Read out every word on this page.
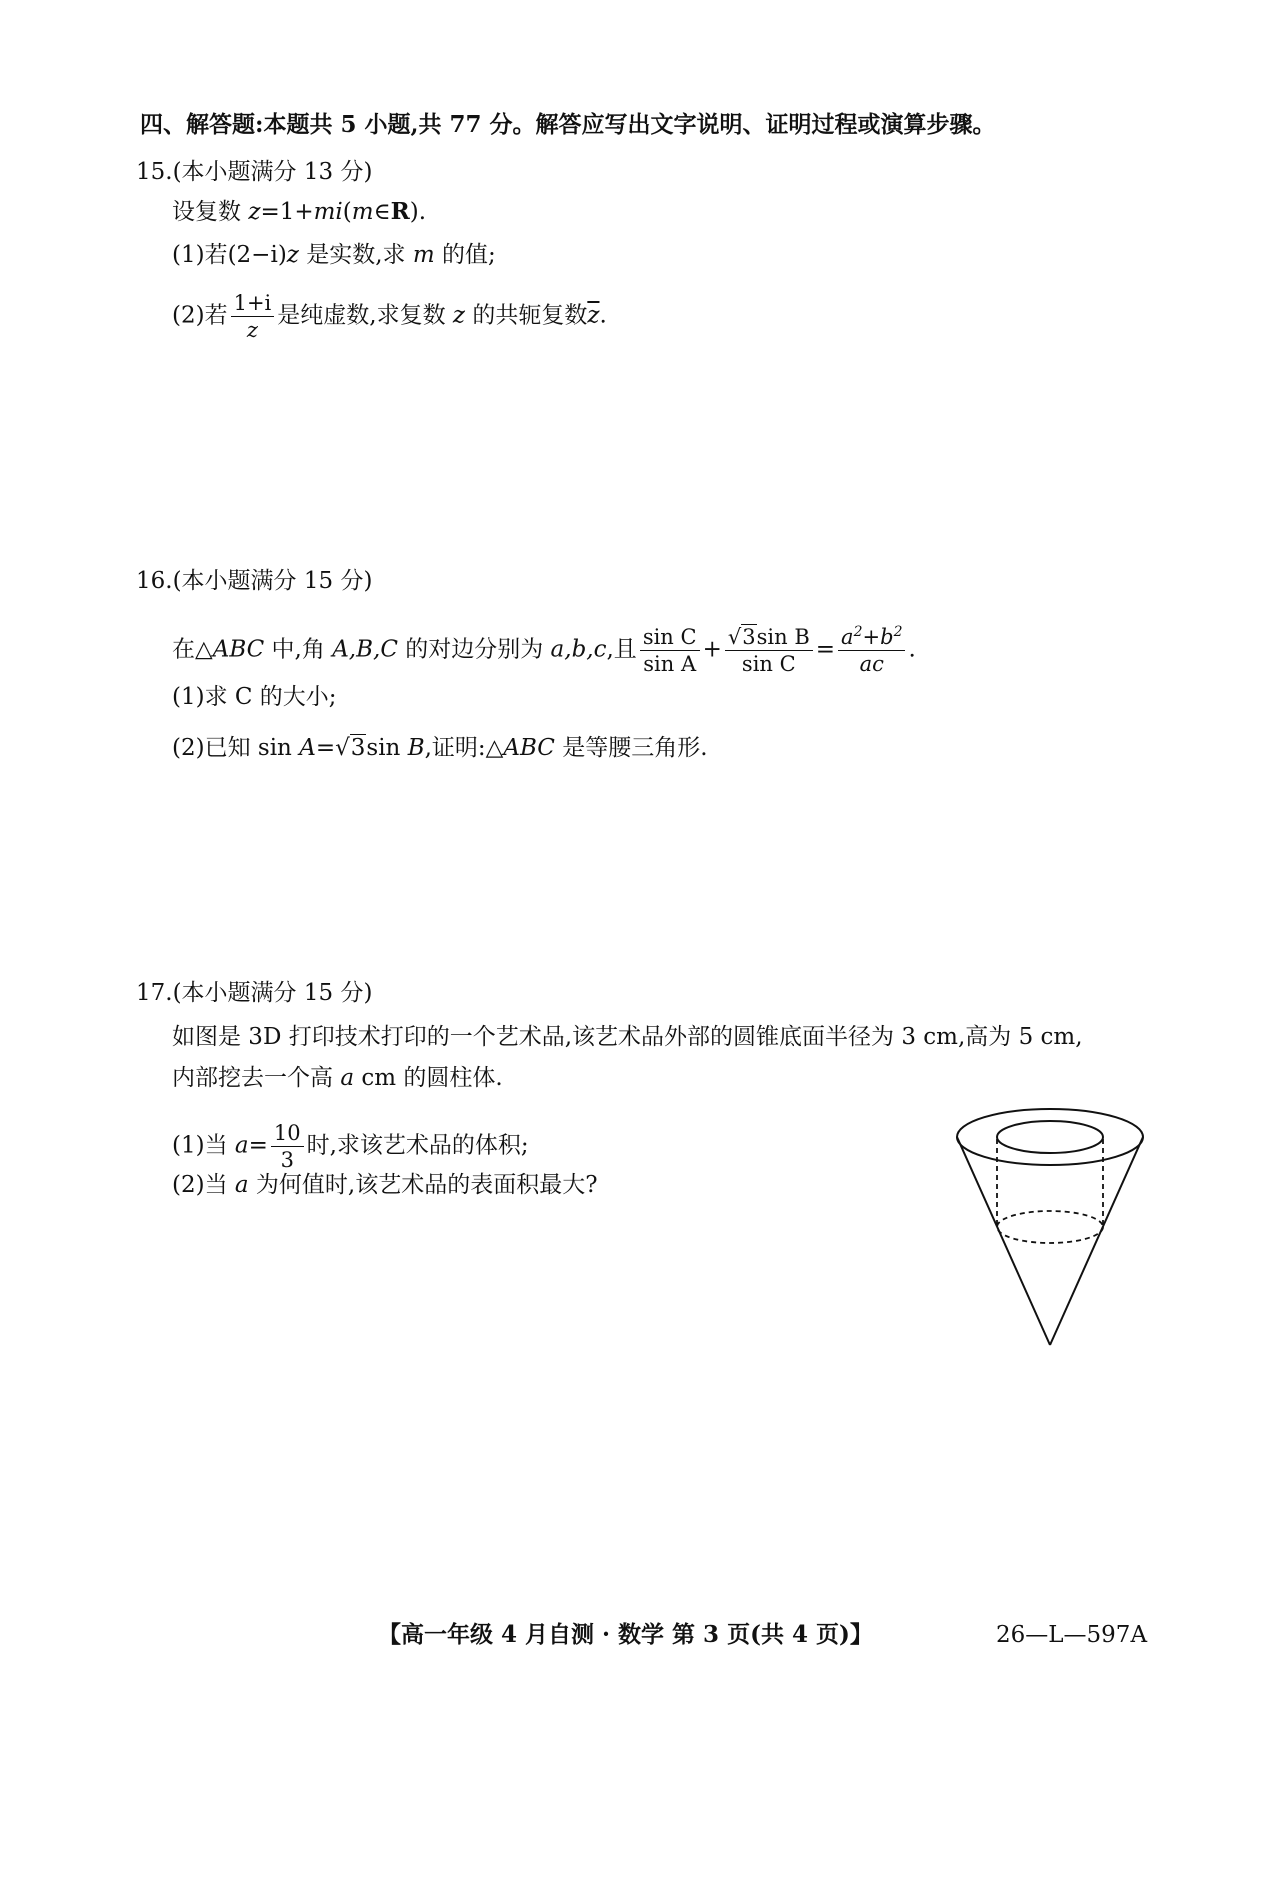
四、解答题:本题共 5 小题,共 77 分。解答应写出文字说明、证明过程或演算步骤。
15.(本小题满分 13 分)
设复数 z=1+mi(m∈R).
(1)若(2−i)z 是实数,求 m 的值;
(2)若 $\frac{1+i}{z}$ 是纯虚数,求复数 z 的共轭复数$\overline{z}$.
16.(本小题满分 15 分)
在△ABC 中,角 A,B,C 的对边分别为 a,b,c,且 $\frac{\text{sin C}}{\text{sin A}} + \frac{\text{√3sin B}}{\text{sin C}} = \frac{a^2+b^2}{ac}$ .
(1)求 C 的大小;
(2)已知 sin A=√3sin B,证明:△ABC 是等腰三角形.
17.(本小题满分 15 分)
如图是 3D 打印技术打印的一个艺术品,该艺术品外部的圆锥底面半径为 3 cm,高为 5 cm,
内部挖去一个高 a cm 的圆柱体.
(1)当 $a= \frac{10}{3}$ 时,求该艺术品的体积;
(2)当 a 为何值时,该艺术品的表面积最大?
【高一年级 4 月自测 · 数学 第 3 页(共 4 页)】	26—L—597A
